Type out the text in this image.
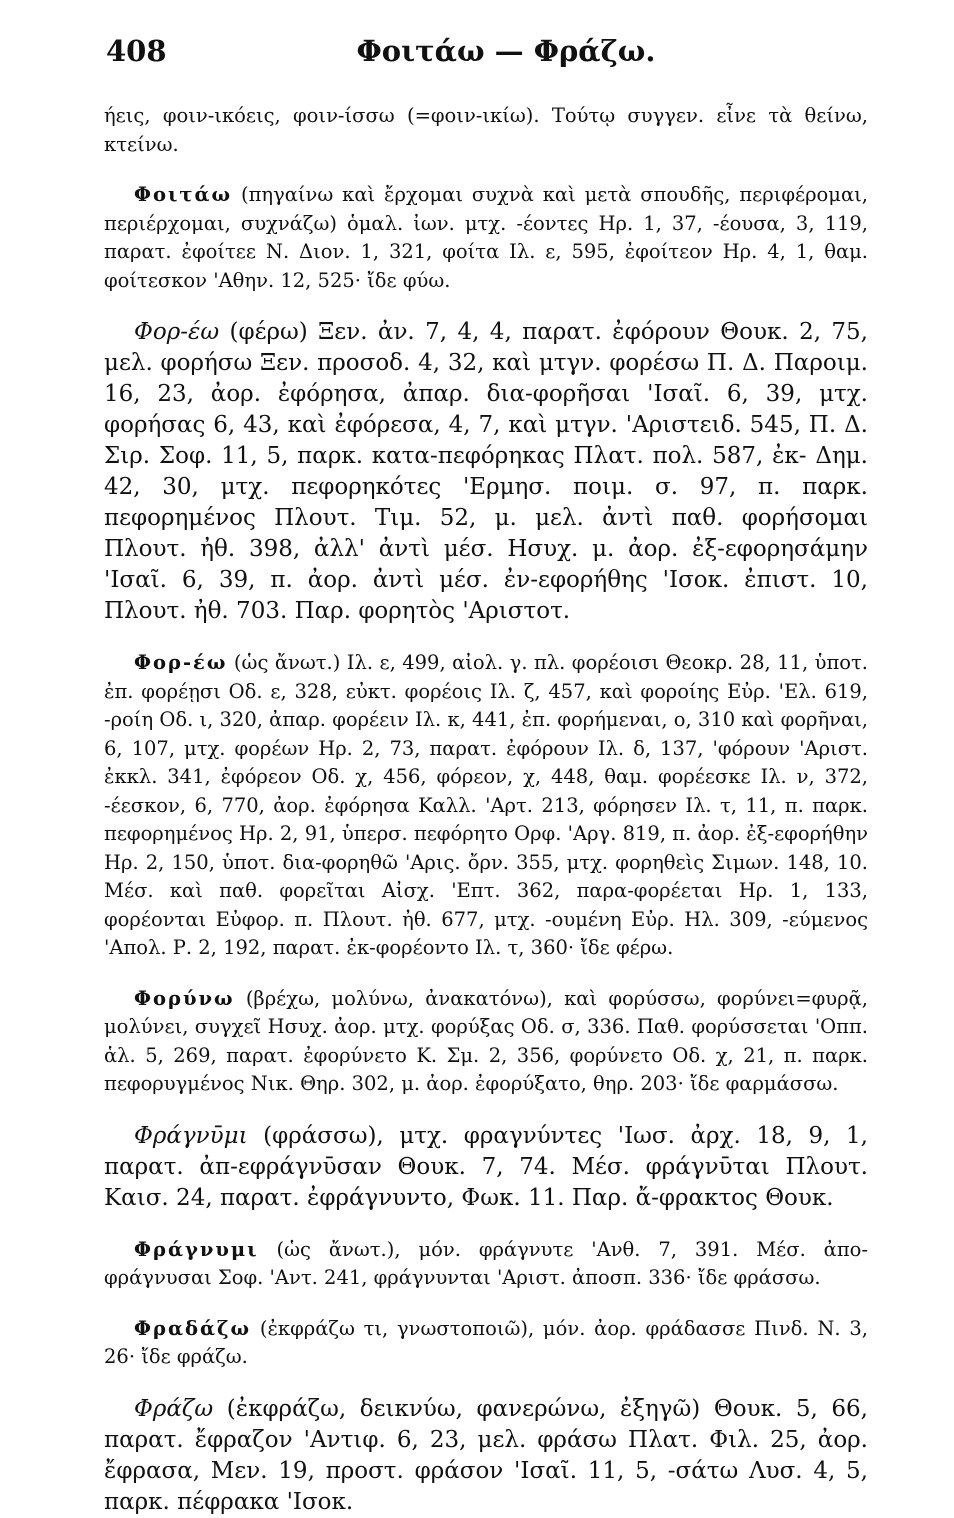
408	Φοιτάω — Φράζω.

ήεις, φοιν-ικόεις, φοιν-ίσσω (=φοιν-ικίω). Τούτῳ συγγεν. εἶνε τὰ θείνω, κτείνω.

Φοιτάω (πηγαίνω καὶ ἔρχομαι συχνὰ καὶ μετὰ σπουδῆς, περιφέρομαι, περιέρχομαι, συχνάζω) ὁμαλ. ἰων. μτχ. -έοντες Ηρ. 1, 37, -έουσα, 3, 119, παρατ. ἐφοίτεε Ν. Διον. 1, 321, φοίτα Ιλ. ε, 595, ἐφοίτεον Ηρ. 4, 1, θαμ. φοίτεσκον 'Αθην. 12, 525· ἴδε φύω.

Φορ-έω (φέρω) Ξεν. ἀν. 7, 4, 4, παρατ. ἐφόρουν Θουκ. 2, 75, μελ. φορήσω Ξεν. προσοδ. 4, 32, καὶ μτγν. φορέσω Π. Δ. Παροιμ. 16, 23, ἀορ. ἐφόρησα, ἀπαρ. δια-φορῆσαι 'Ισαῖ. 6, 39, μτχ. φορήσας 6, 43, καὶ ἐφόρεσα, 4, 7, καὶ μτγν. 'Αριστειδ. 545, Π. Δ. Σιρ. Σοφ. 11, 5, παρκ. κατα-πεφόρηκας Πλατ. πολ. 587, ἐκ- Δημ. 42, 30, μτχ. πεφορηκότες 'Ερμησ. ποιμ. σ. 97, π. παρκ. πεφορημένος Πλουτ. Τιμ. 52, μ. μελ. ἀντὶ παθ. φορήσομαι Πλουτ. ἠθ. 398, ἀλλ' ἀντὶ μέσ. Ησυχ. μ. ἀορ. ἐξ-εφορησάμην 'Ισαῖ. 6, 39, π. ἀορ. ἀντὶ μέσ. ἐν-εφορήθης 'Ισοκ. ἐπιστ. 10, Πλουτ. ἠθ. 703. Παρ. φορητὸς 'Αριστοτ.

Φορ-έω (ὡς ἄνωτ.) Ιλ. ε, 499, αἰολ. γ. πλ. φορέοισι Θεοκρ. 28, 11, ὑποτ. ἐπ. φορέῃσι Οδ. ε, 328, εὐκτ. φορέοις Ιλ. ζ, 457, καὶ φοροίης Εὐρ. 'Ελ. 619, -ροίη Οδ. ι, 320, ἀπαρ. φορέειν Ιλ. κ, 441, ἐπ. φορήμεναι, ο, 310 καὶ φορῆναι, 6, 107, μτχ. φορέων Ηρ. 2, 73, παρατ. ἐφόρουν Ιλ. δ, 137, 'φόρουν 'Αριστ. ἐκκλ. 341, ἐφόρεον Οδ. χ, 456, φόρεον, χ, 448, θαμ. φορέεσκε Ιλ. ν, 372, -έεσκον, 6, 770, ἀορ. ἐφόρησα Καλλ. 'Αρτ. 213, φόρησεν Ιλ. τ, 11, π. παρκ. πεφορημένος Ηρ. 2, 91, ὑπερσ. πεφόρητο Ορφ. 'Αργ. 819, π. ἀορ. ἐξ-εφορήθην Ηρ. 2, 150, ὑποτ. δια-φορηθῶ 'Αρις. ὄρν. 355, μτχ. φορηθεὶς Σιμων. 148, 10. Μέσ. καὶ παθ. φορεῖται Αἰσχ. 'Επτ. 362, παρα-φορέεται Ηρ. 1, 133, φορέονται Εὐφορ. π. Πλουτ. ἠθ. 677, μτχ. -ουμένη Εὐρ. Ηλ. 309, -εύμενος 'Απολ. Ρ. 2, 192, παρατ. ἐκ-φορέοντο Ιλ. τ, 360· ἴδε φέρω.

Φορύνω (βρέχω, μολύνω, ἀνακατόνω), καὶ φορύσσω, φορύνει=φυρᾷ, μολύνει, συγχεῖ Ησυχ. ἀορ. μτχ. φορύξας Οδ. σ, 336. Παθ. φορύσσεται 'Οππ. ἁλ. 5, 269, παρατ. ἐφορύνετο Κ. Σμ. 2, 356, φορύνετο Οδ. χ, 21, π. παρκ. πεφορυγμένος Νικ. Θηρ. 302, μ. ἀορ. ἐφορύξατο, θηρ. 203· ἴδε φαρμάσσω.

Φράγνῡμι (φράσσω), μτχ. φραγνύντες 'Ιωσ. ἀρχ. 18, 9, 1, παρατ. ἀπ-εφράγνῡσαν Θουκ. 7, 74. Μέσ. φράγνῡται Πλουτ. Καισ. 24, παρατ. ἐφράγνυντο, Φωκ. 11. Παρ. ἄ-φρακτος Θουκ.

Φράγνυμι (ὡς ἄνωτ.), μόν. φράγνυτε 'Ανθ. 7, 391. Μέσ. ἀπο-φράγνυσαι Σοφ. 'Αντ. 241, φράγνυνται 'Αριστ. ἀποσπ. 336· ἴδε φράσσω.

Φραδάζω (ἐκφράζω τι, γνωστοποιῶ), μόν. ἀορ. φράδασσε Πινδ. Ν. 3, 26· ἴδε φράζω.

Φράζω (ἐκφράζω, δεικνύω, φανερώνω, ἐξηγῶ) Θουκ. 5, 66, παρατ. ἔφραζον 'Αντιφ. 6, 23, μελ. φράσω Πλατ. Φιλ. 25, ἀορ. ἔφρασα, Μεν. 19, προστ. φράσον 'Ισαῖ. 11, 5, -σάτω Λυσ. 4, 5, παρκ. πέφρακα 'Ισοκ.
